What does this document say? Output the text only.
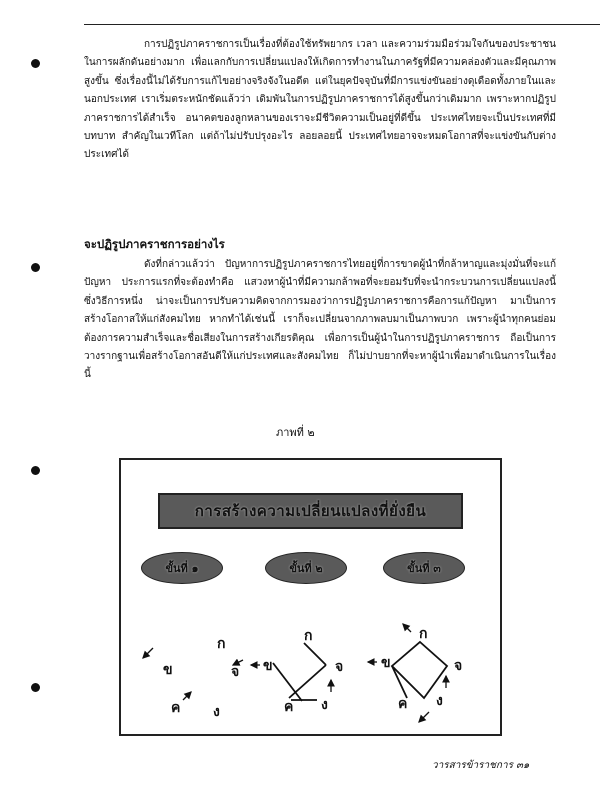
การปฏิรูปภาคราชการเป็นเรื่องที่ต้องใช้ทรัพยากร เวลา และความร่วมมือร่วมใจกันของประชาชนในการผลักดันอย่างมาก เพื่อแลกกับการเปลี่ยนแปลงให้เกิดการทำงานในภาครัฐที่มีความคล่องตัวและมีคุณภาพสูงขึ้น ซึ่งเรื่องนี้ไม่ได้รับการแก้ไขอย่างจริงจังในอดีต แต่ในยุคปัจจุบันที่มีการแข่งขันอย่างดุเดือดทั้งภายในและนอกประเทศ เราเริ่มตระหนักชัดแล้วว่า เดิมพันในการปฏิรูปภาคราชการได้สูงขึ้นกว่าเดิมมาก เพราะหากปฏิรูปภาคราชการได้สำเร็จ อนาคตของลูกหลานของเราจะมีชีวิตความเป็นอยู่ที่ดีขึ้น ประเทศไทยจะเป็นประเทศที่มีบทบาท สำคัญในเวทีโลก แต่ถ้าไม่ปรับปรุงอะไร ลอยลอยนี้ ประเทศไทยอาจจะหมดโอกาสที่จะแข่งขันกับต่างประเทศได้

จะปฏิรูปภาคราชการอย่างไร

ดังที่กล่าวแล้วว่า ปัญหาการปฏิรูปภาคราชการไทยอยู่ที่การขาดผู้นำที่กล้าหาญและมุ่งมั่นที่จะแก้ปัญหา ประการแรกที่จะต้องทำคือ แสวงหาผู้นำที่มีความกล้าพอที่จะยอมรับที่จะนำกระบวนการเปลี่ยนแปลงนี้ ซึ่งวิธีการหนึ่ง น่าจะเป็นการปรับความคิดจากการมองว่าการปฏิรูปภาคราชการคือการแก้ปัญหา มาเป็นการสร้างโอกาสให้แก่สังคมไทย หากทำได้เช่นนี้ เราก็จะเปลี่ยนจากภาพลบมาเป็นภาพบวก เพราะผู้นำทุกคนย่อมต้องการความสำเร็จและชื่อเสียงในการสร้างเกียรติคุณ เพื่อการเป็นผู้นำในการปฏิรูปภาคราชการ ถือเป็นการวางรากฐานเพื่อสร้างโอกาสอันดีให้แก่ประเทศและสังคมไทย ก็ไม่ปาบยากที่จะหาผู้นำเพื่อมาดำเนินการในเรื่องนี้

ภาพที่ ๒
การสร้างความเปลี่ยนแปลงที่ยั่งยืน
ขั้นที่ ๑	ขั้นที่ ๒	ขั้นที่ ๓
ก
ข	จ
ค ง
ก
ข	จ
ค ง
ก
ข	จ
ค ง
วารสารข้าราชการ ๓๑
